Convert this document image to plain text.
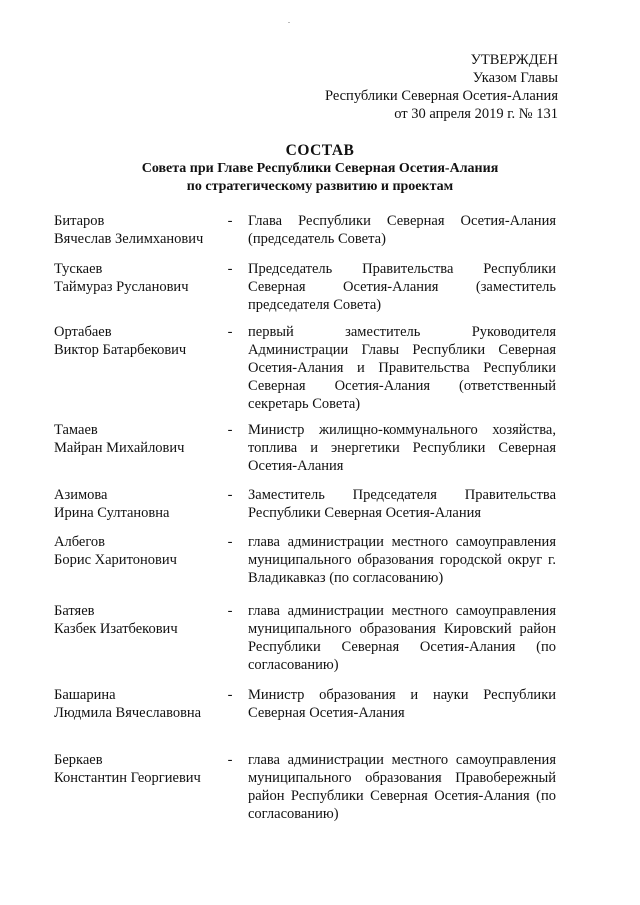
УТВЕРЖДЕН
Указом Главы
Республики Северная Осетия-Алания
от 30 апреля 2019 г. № 131
СОСТАВ
Совета при Главе Республики Северная Осетия-Алания
по стратегическому развитию и проектам
Битаров
Вячеслав Зелимханович
- Глава Республики Северная Осетия-Алания (председатель Совета)
Тускаев
Таймураз Русланович
- Председатель Правительства Республики Северная Осетия-Алания (заместитель председателя Совета)
Ортабаев
Виктор Батарбекович
- первый заместитель Руководителя Администрации Главы Республики Северная Осетия-Алания и Правительства Республики Северная Осетия-Алания (ответственный секретарь Совета)
Тамаев
Майран Михайлович
- Министр жилищно-коммунального хозяйства, топлива и энергетики Республики Северная Осетия-Алания
Азимова
Ирина Султановна
- Заместитель Председателя Правительства Республики Северная Осетия-Алания
Албегов
Борис Харитонович
- глава администрации местного самоуправления муниципального образования городской округ г. Владикавказ (по согласованию)
Батяев
Казбек Изатбекович
- глава администрации местного самоуправления муниципального образования Кировский район Республики Северная Осетия-Алания (по согласованию)
Башарина
Людмила Вячеславовна
- Министр образования и науки Республики Северная Осетия-Алания
Беркаев
Константин Георгиевич
- глава администрации местного самоуправления муниципального образования Правобережный район Республики Северная Осетия-Алания (по согласованию)
